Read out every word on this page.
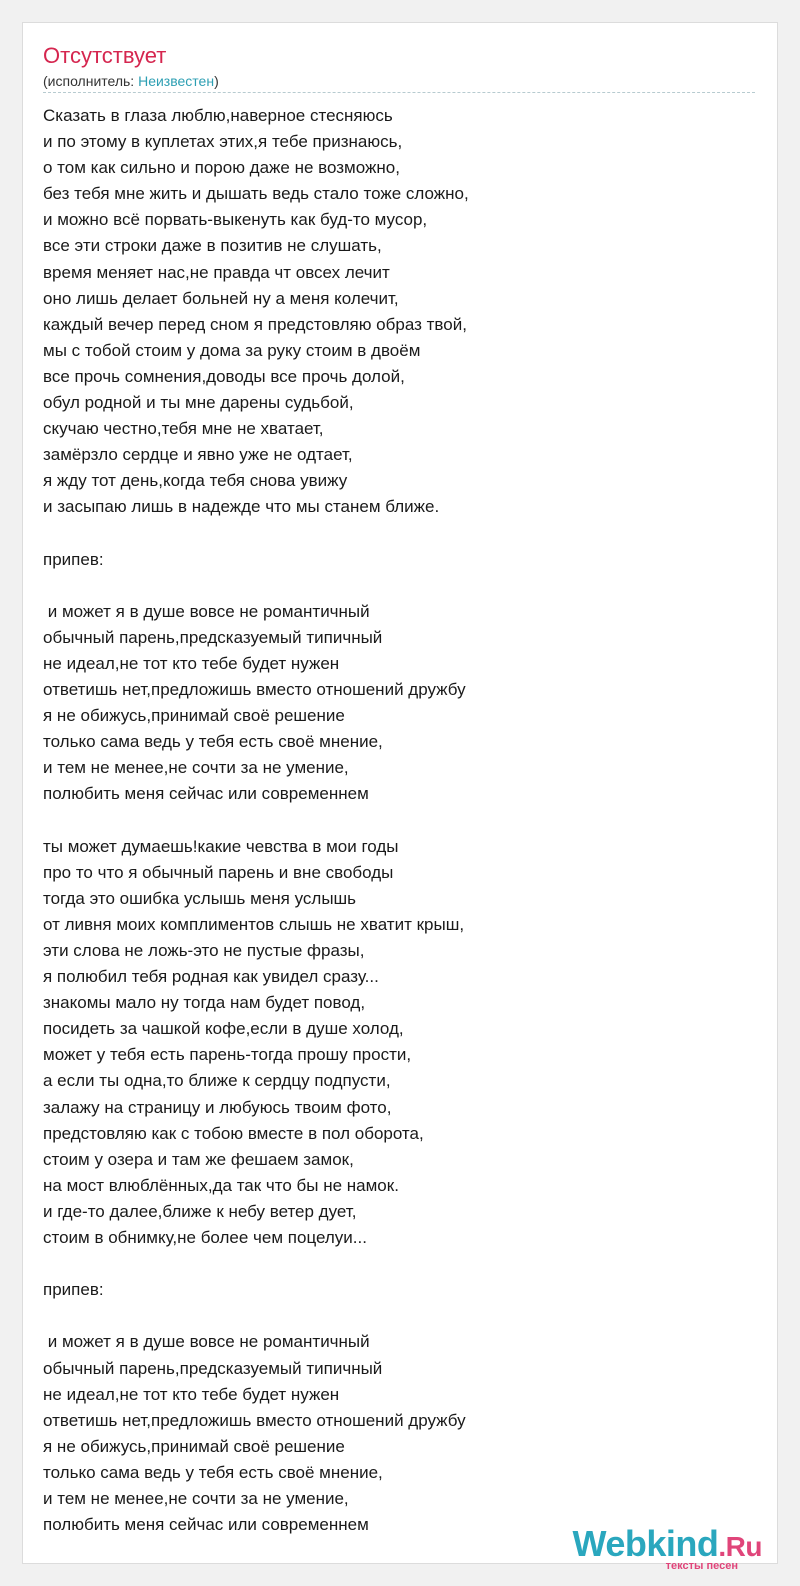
Отсутствует
(исполнитель: Неизвестен)
Сказать в глаза люблю,наверное стесняюсь
и по этому в куплетах этих,я тебе признаюсь,
о том как сильно и порою даже не возможно,
без тебя мне жить и дышать ведь стало тоже сложно,
и можно всё порвать-выкенуть как буд-то мусор,
все эти строки даже в позитив не слушать,
время меняет нас,не правда чт овсех лечит
оно лишь делает больней ну а меня колечит,
каждый вечер перед сном я предстовляю образ твой,
мы с тобой стоим у дома за руку стоим в двоём
все прочь сомнения,доводы все прочь долой,
обул родной и ты мне дарены судьбой,
скучаю честно,тебя мне не хватает,
замёрзло сердце и явно уже не одтает,
я жду тот день,когда тебя снова увижу
и засыпаю лишь в надежде что мы станем ближе.
припев:
и может я в душе вовсе не романтичный
обычный парень,предсказуемый типичный
не идеал,не тот кто тебе будет нужен
ответишь нет,предложишь вместо отношений дружбу
я не обижусь,принимай своё решение
только сама ведь у тебя есть своё мнение,
и тем не менее,не сочти за не умение,
полюбить меня сейчас или современнем
ты может думаешь!какие чевства в мои годы
про то что я обычный парень и вне свободы
тогда это ошибка услышь меня услышь
от ливня моих комплиментов слышь не хватит крыш,
эти слова не ложь-это не пустые фразы,
я полюбил тебя родная как увидел сразу...
знакомы мало ну тогда нам будет повод,
посидеть за чашкой кофе,если в душе холод,
может у тебя есть парень-тогда прошу прости,
а если ты одна,то ближе к сердцу подпусти,
залажу на страницу и любуюсь твоим фото,
предстовляю как с тобою вместе в пол оборота,
стоим у озера и там же фешаем замок,
на мост влюблённых,да так что бы не намок.
и где-то далее,ближе к небу ветер дует,
стоим в обнимку,не более чем поцелуи...
припев:
и может я в душе вовсе не романтичный
обычный парень,предсказуемый типичный
не идеал,не тот кто тебе будет нужен
ответишь нет,предложишь вместо отношений дружбу
я не обижусь,принимай своё решение
только сама ведь у тебя есть своё мнение,
и тем не менее,не сочти за не умение,
полюбить меня сейчас или современнем	Webkind.Ru
тексты песен
